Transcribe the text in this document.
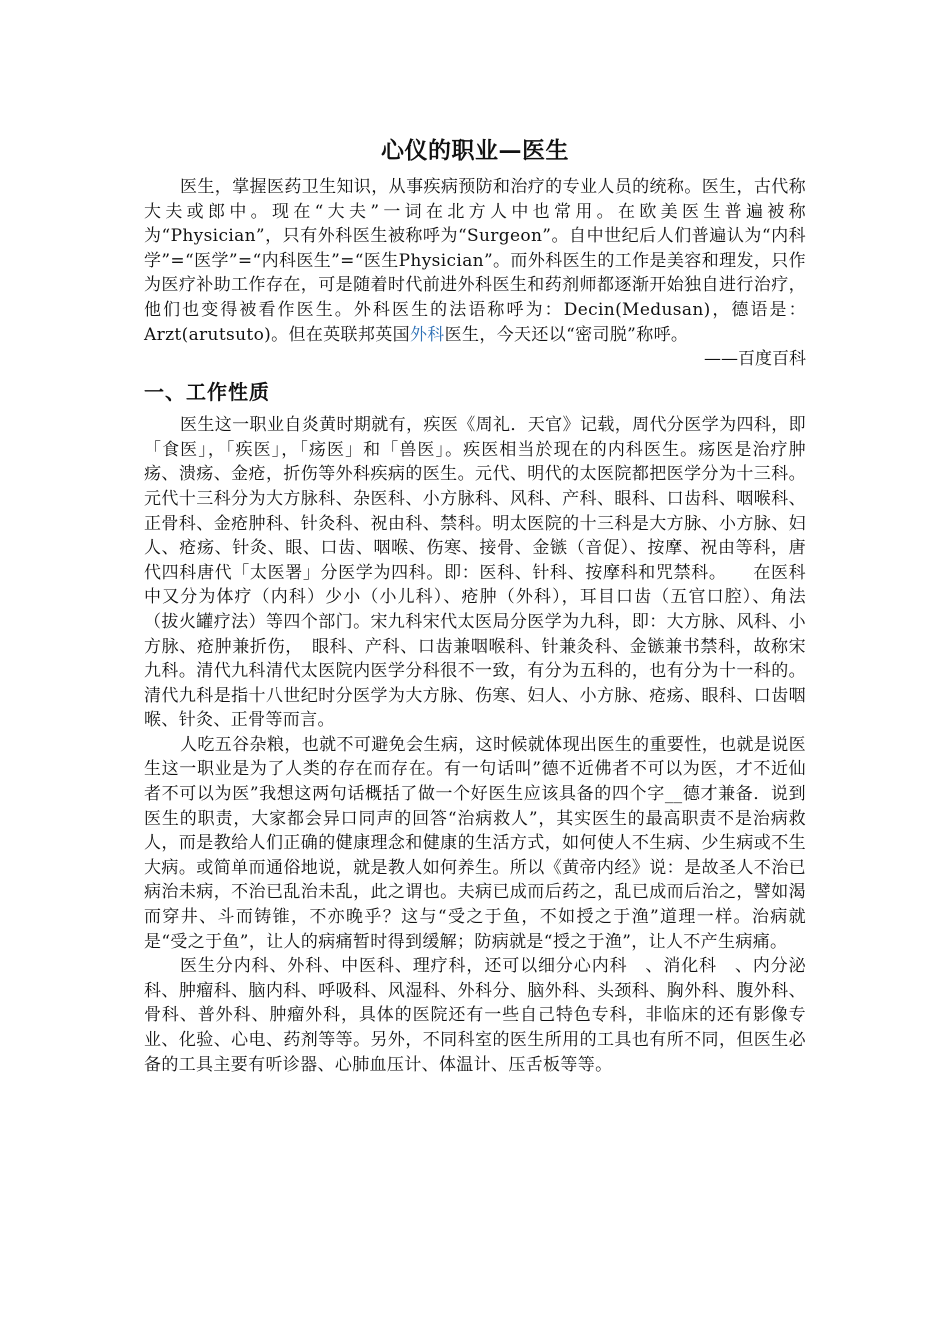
心仪的职业—医生

医生，掌握医药卫生知识，从事疾病预防和治疗的专业人员的统称。医生，古代称大夫或郎中。现在“大夫”一词在北方人中也常用。在欧美医生普遍被称为“Physician”，只有外科医生被称呼为“Surgeon”。自中世纪后人们普遍认为“内科学”=“医学”=“内科医生”=“医生Physician”。而外科医生的工作是美容和理发，只作为医疗补助工作存在，可是随着时代前进外科医生和药剂师都逐渐开始独自进行治疗，他们也变得被看作医生。外科医生的法语称呼为：Decin(Medusan)，德语是：Arzt(arutsuto)。但在英联邦英国外科医生，今天还以“密司脱”称呼。

——百度百科
一、工作性质

医生这一职业自炎黄时期就有，疾医《周礼．天官》记载，周代分医学为四科，即「食医」，「疾医」，「疡医」和「兽医」。疾医相当於现在的内科医生。疡医是治疗肿疡、溃疡、金疮，折伤等外科疾病的医生。元代、明代的太医院都把医学分为十三科。元代十三科分为大方脉科、杂医科、小方脉科、风科、产科、眼科、口齿科、咽喉科、正骨科、金疮肿科、针灸科、祝由科、禁科。明太医院的十三科是大方脉、小方脉、妇人、疮疡、针灸、眼、口齿、咽喉、伤寒、接骨、金镞（音促）、按摩、祝由等科，唐代四科唐代「太医署」分医学为四科。即：医科、针科、按摩科和咒禁科。　　在医科中又分为体疗（内科）少小（小儿科）、疮肿（外科），耳目口齿（五官口腔）、角法（拔火罐疗法）等四个部门。宋九科宋代太医局分医学为九科，即：大方脉、风科、小方脉、疮肿兼折伤，　眼科、产科、口齿兼咽喉科、针兼灸科、金镞兼书禁科，故称宋九科。清代九科清代太医院内医学分科很不一致，有分为五科的，也有分为十一科的。清代九科是指十八世纪时分医学为大方脉、伤寒、妇人、小方脉、疮疡、眼科、口齿咽喉、针灸、正骨等而言。

人吃五谷杂粮，也就不可避免会生病，这时候就体现出医生的重要性，也就是说医生这一职业是为了人类的存在而存在。有一句话叫”德不近佛者不可以为医，才不近仙者不可以为医”我想这两句话概括了做一个好医生应该具备的四个字__德才兼备．说到医生的职责，大家都会异口同声的回答“治病救人”，其实医生的最高职责不是治病救人，而是教给人们正确的健康理念和健康的生活方式，如何使人不生病、少生病或不生大病。或简单而通俗地说，就是教人如何养生。所以《黄帝内经》说：是故圣人不治已病治未病，不治已乱治未乱，此之谓也。夫病已成而后药之，乱已成而后治之，譬如渴而穿井、斗而铸锥，不亦晚乎？这与“受之于鱼，不如授之于渔”道理一样。治病就是“受之于鱼”，让人的病痛暂时得到缓解；防病就是“授之于渔”，让人不产生病痛。

医生分内科、外科、中医科、理疗科，还可以细分心内科　、消化科　、内分泌科、肿瘤科、脑内科、呼吸科、风湿科、外科分、脑外科、头颈科、胸外科、腹外科、骨科、普外科、肿瘤外科，具体的医院还有一些自己特色专科，非临床的还有影像专业、化验、心电、药剂等等。另外，不同科室的医生所用的工具也有所不同，但医生必备的工具主要有听诊器、心肺血压计、体温计、压舌板等等。
